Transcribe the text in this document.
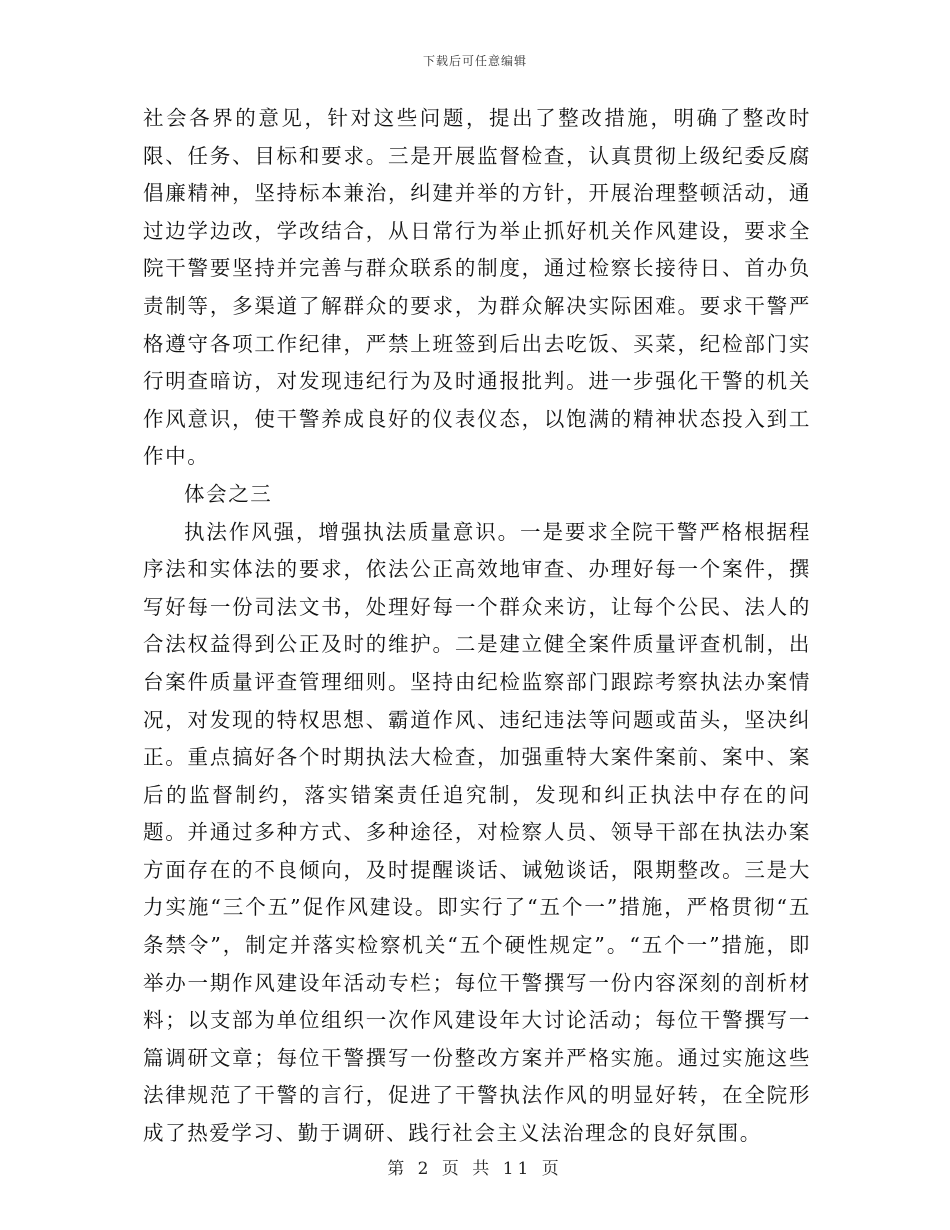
下载后可任意编辑

社会各界的意见，针对这些问题，提出了整改措施，明确了整改时限、任务、目标和要求。三是开展监督检查，认真贯彻上级纪委反腐倡廉精神，坚持标本兼治，纠建并举的方针，开展治理整顿活动，通过边学边改，学改结合，从日常行为举止抓好机关作风建设，要求全院干警要坚持并完善与群众联系的制度，通过检察长接待日、首办负责制等，多渠道了解群众的要求，为群众解决实际困难。要求干警严格遵守各项工作纪律，严禁上班签到后出去吃饭、买菜，纪检部门实行明查暗访，对发现违纪行为及时通报批判。进一步强化干警的机关作风意识，使干警养成良好的仪表仪态，以饱满的精神状态投入到工作中。

体会之三

执法作风强，增强执法质量意识。一是要求全院干警严格根据程序法和实体法的要求，依法公正高效地审查、办理好每一个案件，撰写好每一份司法文书，处理好每一个群众来访，让每个公民、法人的合法权益得到公正及时的维护。二是建立健全案件质量评查机制，出台案件质量评查管理细则。坚持由纪检监察部门跟踪考察执法办案情况，对发现的特权思想、霸道作风、违纪违法等问题或苗头，坚决纠正。重点搞好各个时期执法大检查，加强重特大案件案前、案中、案后的监督制约，落实错案责任追究制，发现和纠正执法中存在的问题。并通过多种方式、多种途径，对检察人员、领导干部在执法办案方面存在的不良倾向，及时提醒谈话、诫勉谈话，限期整改。三是大力实施“三个五”促作风建设。即实行了“五个一”措施，严格贯彻“五条禁令”，制定并落实检察机关“五个硬性规定”。“五个一”措施，即举办一期作风建设年活动专栏；每位干警撰写一份内容深刻的剖析材料；以支部为单位组织一次作风建设年大讨论活动；每位干警撰写一篇调研文章；每位干警撰写一份整改方案并严格实施。通过实施这些法律规范了干警的言行，促进了干警执法作风的明显好转，在全院形成了热爱学习、勤于调研、践行社会主义法治理念的良好氛围。

第 2 页 共 11 页
